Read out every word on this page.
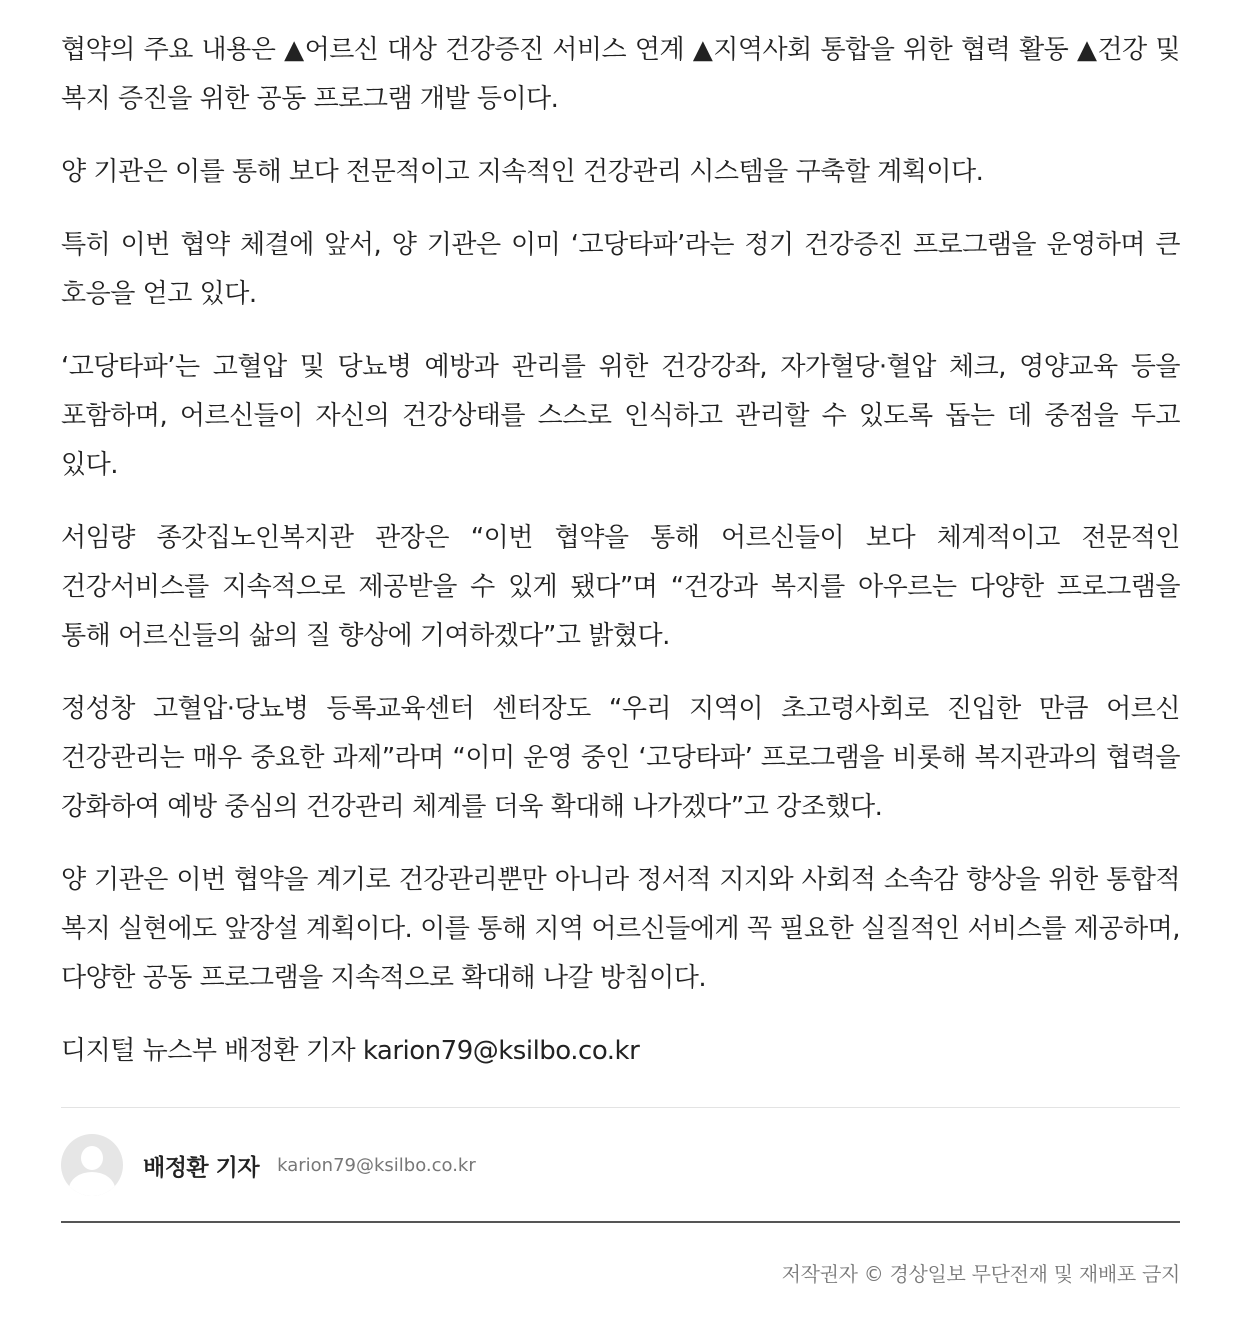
협약의 주요 내용은 ▲어르신 대상 건강증진 서비스 연계 ▲지역사회 통합을 위한 협력 활동 ▲건강 및 복지 증진을 위한 공동 프로그램 개발 등이다.

양 기관은 이를 통해 보다 전문적이고 지속적인 건강관리 시스템을 구축할 계획이다.

특히 이번 협약 체결에 앞서, 양 기관은 이미 ‘고당타파’라는 정기 건강증진 프로그램을 운영하며 큰 호응을 얻고 있다.

‘고당타파’는 고혈압 및 당뇨병 예방과 관리를 위한 건강강좌, 자가혈당·혈압 체크, 영양교육 등을 포함하며, 어르신들이 자신의 건강상태를 스스로 인식하고 관리할 수 있도록 돕는 데 중점을 두고 있다.

서임량 종갓집노인복지관 관장은 “이번 협약을 통해 어르신들이 보다 체계적이고 전문적인 건강서비스를 지속적으로 제공받을 수 있게 됐다”며 “건강과 복지를 아우르는 다양한 프로그램을 통해 어르신들의 삶의 질 향상에 기여하겠다”고 밝혔다.

정성창 고혈압·당뇨병 등록교육센터 센터장도 “우리 지역이 초고령사회로 진입한 만큼 어르신 건강관리는 매우 중요한 과제”라며 “이미 운영 중인 ‘고당타파’ 프로그램을 비롯해 복지관과의 협력을 강화하여 예방 중심의 건강관리 체계를 더욱 확대해 나가겠다”고 강조했다.

양 기관은 이번 협약을 계기로 건강관리뿐만 아니라 정서적 지지와 사회적 소속감 향상을 위한 통합적 복지 실현에도 앞장설 계획이다. 이를 통해 지역 어르신들에게 꼭 필요한 실질적인 서비스를 제공하며, 다양한 공동 프로그램을 지속적으로 확대해 나갈 방침이다.

디지털 뉴스부 배정환 기자 karion79@ksilbo.co.kr

배정환 기자 karion79@ksilbo.co.kr
저작권자 © 경상일보 무단전재 및 재배포 금지
